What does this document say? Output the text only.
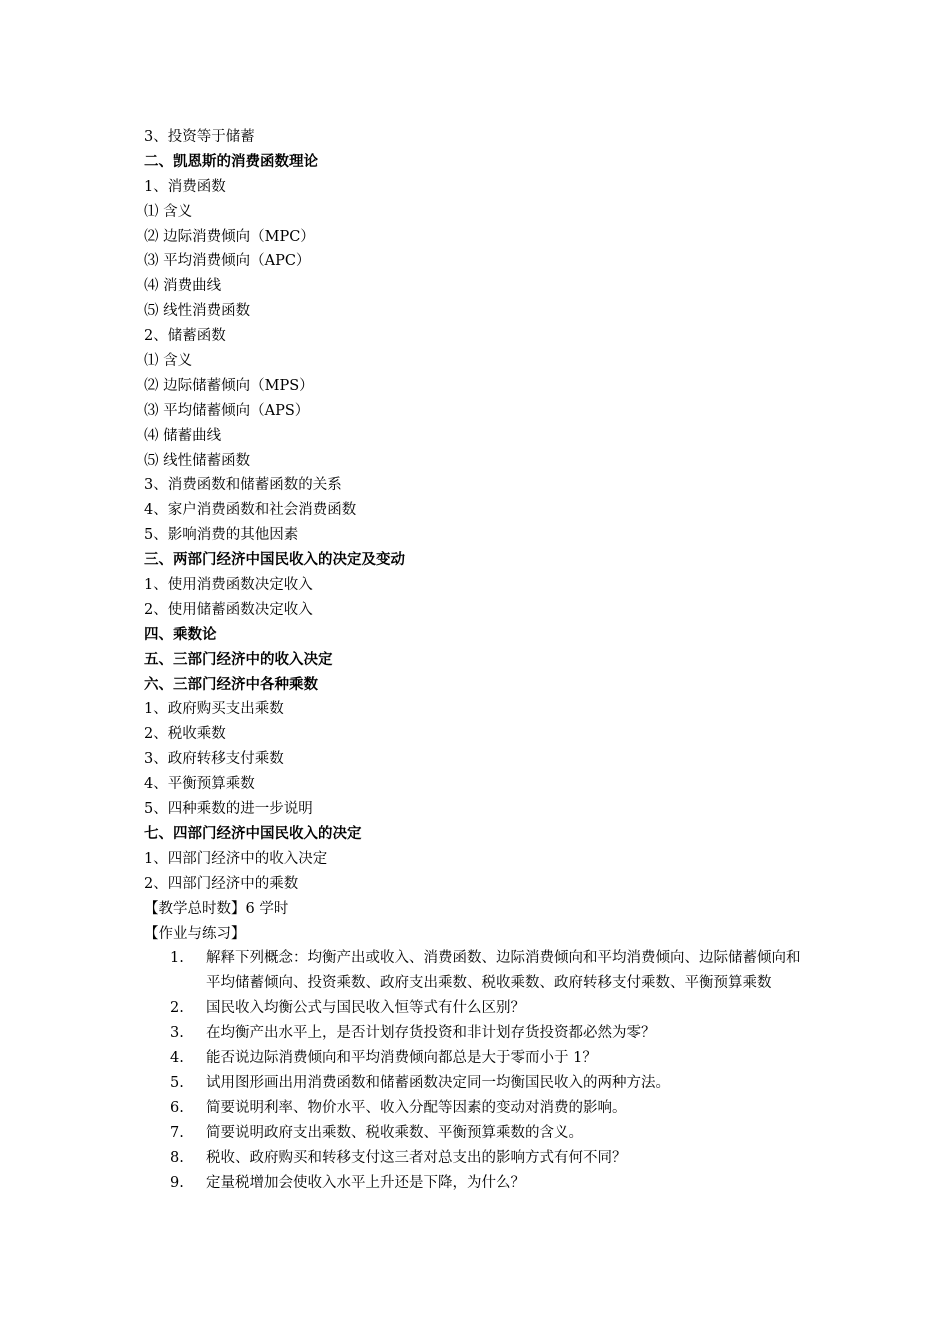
3、投资等于储蓄
二、凯恩斯的消费函数理论
1、消费函数
⑴ 含义
⑵ 边际消费倾向（MPC）
⑶ 平均消费倾向（APC）
⑷ 消费曲线
⑸ 线性消费函数
2、储蓄函数
⑴ 含义
⑵ 边际储蓄倾向（MPS）
⑶ 平均储蓄倾向（APS）
⑷ 储蓄曲线
⑸ 线性储蓄函数
3、消费函数和储蓄函数的关系
4、家户消费函数和社会消费函数
5、影响消费的其他因素
三、两部门经济中国民收入的决定及变动
1、使用消费函数决定收入
2、使用储蓄函数决定收入
四、乘数论
五、三部门经济中的收入决定
六、三部门经济中各种乘数
1、政府购买支出乘数
2、税收乘数
3、政府转移支付乘数
4、平衡预算乘数
5、四种乘数的进一步说明
七、四部门经济中国民收入的决定
1、四部门经济中的收入决定
2、四部门经济中的乘数
【教学总时数】6 学时
【作业与练习】
1.	解释下列概念：均衡产出或收入、消费函数、边际消费倾向和平均消费倾向、边际储蓄倾向和平均储蓄倾向、投资乘数、政府支出乘数、税收乘数、政府转移支付乘数、平衡预算乘数
2.	国民收入均衡公式与国民收入恒等式有什么区别？
3.	在均衡产出水平上，是否计划存货投资和非计划存货投资都必然为零？
4.	能否说边际消费倾向和平均消费倾向都总是大于零而小于 1？
5.	试用图形画出用消费函数和储蓄函数决定同一均衡国民收入的两种方法。
6.	简要说明利率、物价水平、收入分配等因素的变动对消费的影响。
7.	简要说明政府支出乘数、税收乘数、平衡预算乘数的含义。
8.	税收、政府购买和转移支付这三者对总支出的影响方式有何不同？
9.	定量税增加会使收入水平上升还是下降，为什么？
